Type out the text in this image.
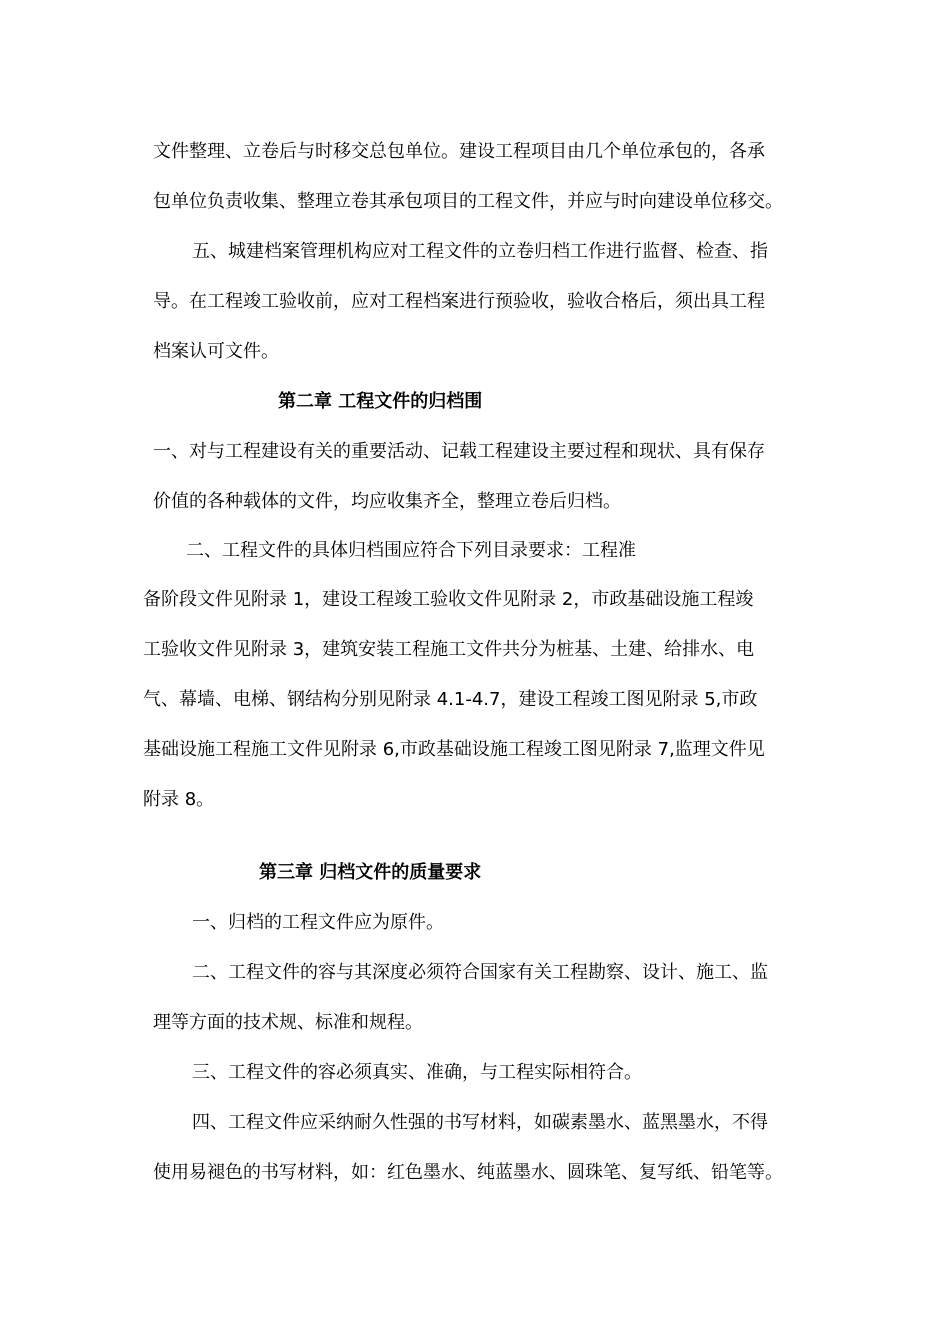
文件整理、立卷后与时移交总包单位。建设工程项目由几个单位承包的，各承
包单位负责收集、整理立卷其承包项目的工程文件，并应与时向建设单位移交。
五、城建档案管理机构应对工程文件的立卷归档工作进行监督、检查、指
导。在工程竣工验收前，应对工程档案进行预验收，验收合格后，须出具工程
档案认可文件。
第二章 工程文件的归档围
一、对与工程建设有关的重要活动、记载工程建设主要过程和现状、具有保存
价值的各种载体的文件，均应收集齐全，整理立卷后归档。
二、工程文件的具体归档围应符合下列目录要求：工程准
备阶段文件见附录 1，建设工程竣工验收文件见附录 2，市政基础设施工程竣
工验收文件见附录 3，建筑安装工程施工文件共分为桩基、土建、给排水、电
气、幕墙、电梯、钢结构分别见附录 4.1-4.7，建设工程竣工图见附录 5,市政
基础设施工程施工文件见附录 6,市政基础设施工程竣工图见附录 7,监理文件见
附录 8。
第三章 归档文件的质量要求
一、归档的工程文件应为原件。
二、工程文件的容与其深度必须符合国家有关工程勘察、设计、施工、监
理等方面的技术规、标准和规程。
三、工程文件的容必须真实、准确，与工程实际相符合。
四、工程文件应采纳耐久性强的书写材料，如碳素墨水、蓝黑墨水，不得
使用易褪色的书写材料，如：红色墨水、纯蓝墨水、圆珠笔、复写纸、铅笔等。
